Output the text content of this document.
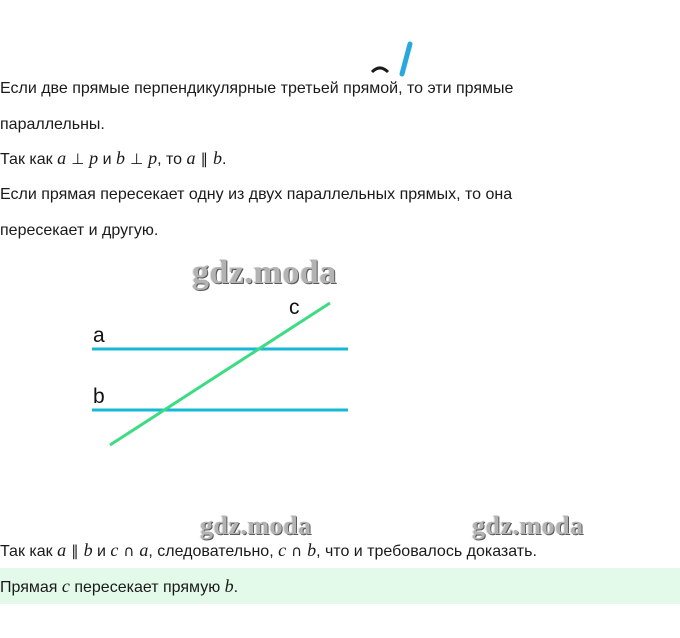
Если две прямые перпендикулярные третьей прямой, то эти прямые
параллельны.
Так как a ⊥ p и b ⊥ p, то a ∥ b.
Если прямая пересекает одну из двух параллельных прямых, то она
пересекает и другую.
gdz.moda
a
b
c
gdz.moda	gdz.moda
Так как a ∥ b и c ∩ a, следовательно, c ∩ b, что и требовалось доказать.
Прямая c пересекает прямую b.
